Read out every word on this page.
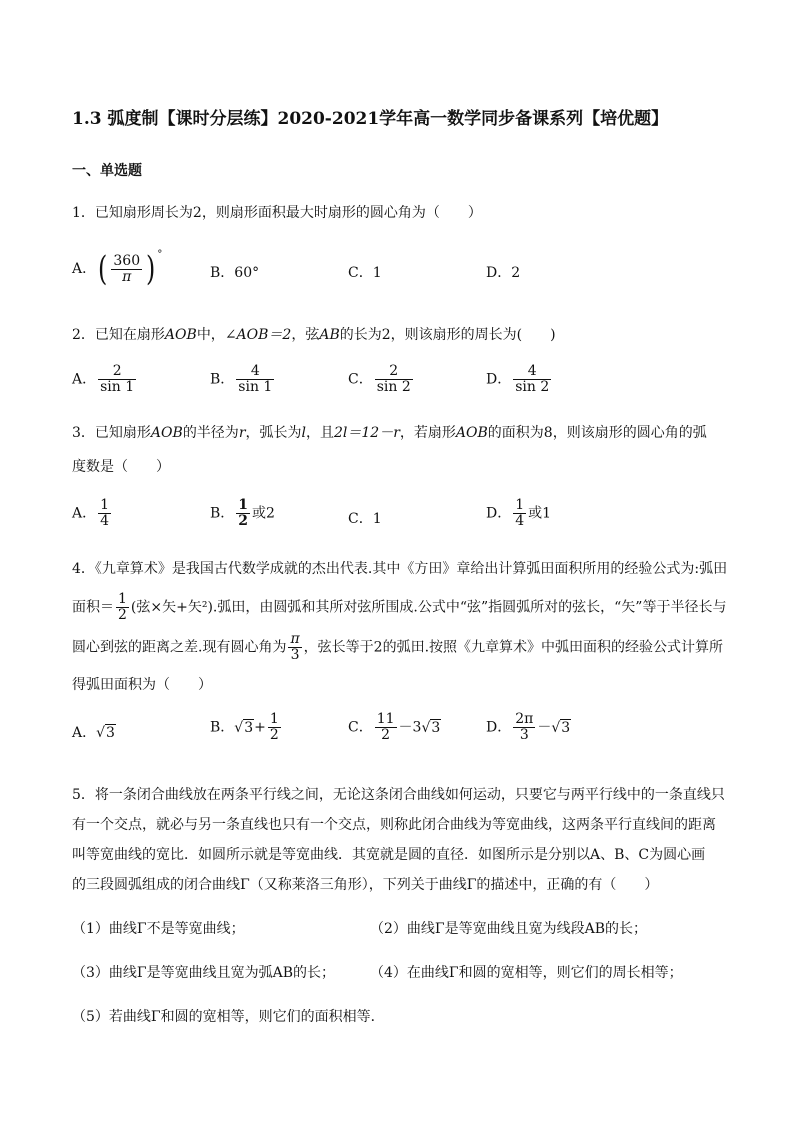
1.3 弧度制【课时分层练】2020-2021学年高一数学同步备课系列【培优题】
一、单选题
1．已知扇形周长为2，则扇形面积最大时扇形的圆心角为（　　）
A．( $\frac{360}{\pi}$ ) °
B．60°	C．1	D．2
2．已知在扇形AOB中，∠AOB＝2，弦AB的长为2，则该扇形的周长为(　　)
A． $\frac{2}{\sin 1}$	B． $\frac{4}{\sin 1}$	C． $\frac{2}{\sin 2}$	D． $\frac{4}{\sin 2}$
3．已知扇形AOB的半径为r，弧长为l，且2l＝12－r，若扇形AOB的面积为8，则该扇形的圆心角的弧
度数是（　　）
A． $\frac{1}{4}$	B． $\frac{1}{2}$ 或2	C．1	D． $\frac{1}{4}$ 或1
4．《九章算术》是我国古代数学成就的杰出代表.其中《方田》章给出计算弧田面积所用的经验公式为:弧田
面积＝ $\frac{1}{2}$ (弦×矢+矢²).弧田，由圆弧和其所对弦所围成.公式中“弦”指圆弧所对的弦长，“矢”等于半径长与
圆心到弦的距离之差.现有圆心角为 $\frac{\pi}{3}$ ，弦长等于2的弧田.按照《九章算术》中弧田面积的经验公式计算所
得弧田面积为（　　）
A．√3	B．$√3+ \frac{1}{2}$	C． $\frac{11}{2} -3√3$	D． $\frac{2\pi}{3} -√3$
5．将一条闭合曲线放在两条平行线之间，无论这条闭合曲线如何运动，只要它与两平行线中的一条直线只
有一个交点，就必与另一条直线也只有一个交点，则称此闭合曲线为等宽曲线，这两条平行直线间的距离
叫等宽曲线的宽比．如圆所示就是等宽曲线．其宽就是圆的直径．如图所示是分别以A、B、C为圆心画
的三段圆弧组成的闭合曲线Γ（又称莱洛三角形），下列关于曲线Γ的描述中，正确的有（　　）
（1）曲线Γ不是等宽曲线；	（2）曲线Γ是等宽曲线且宽为线段AB的长；
（3）曲线Γ是等宽曲线且宽为弧AB的长； （4）在曲线Γ和圆的宽相等，则它们的周长相等；
（5）若曲线Γ和圆的宽相等，则它们的面积相等．
